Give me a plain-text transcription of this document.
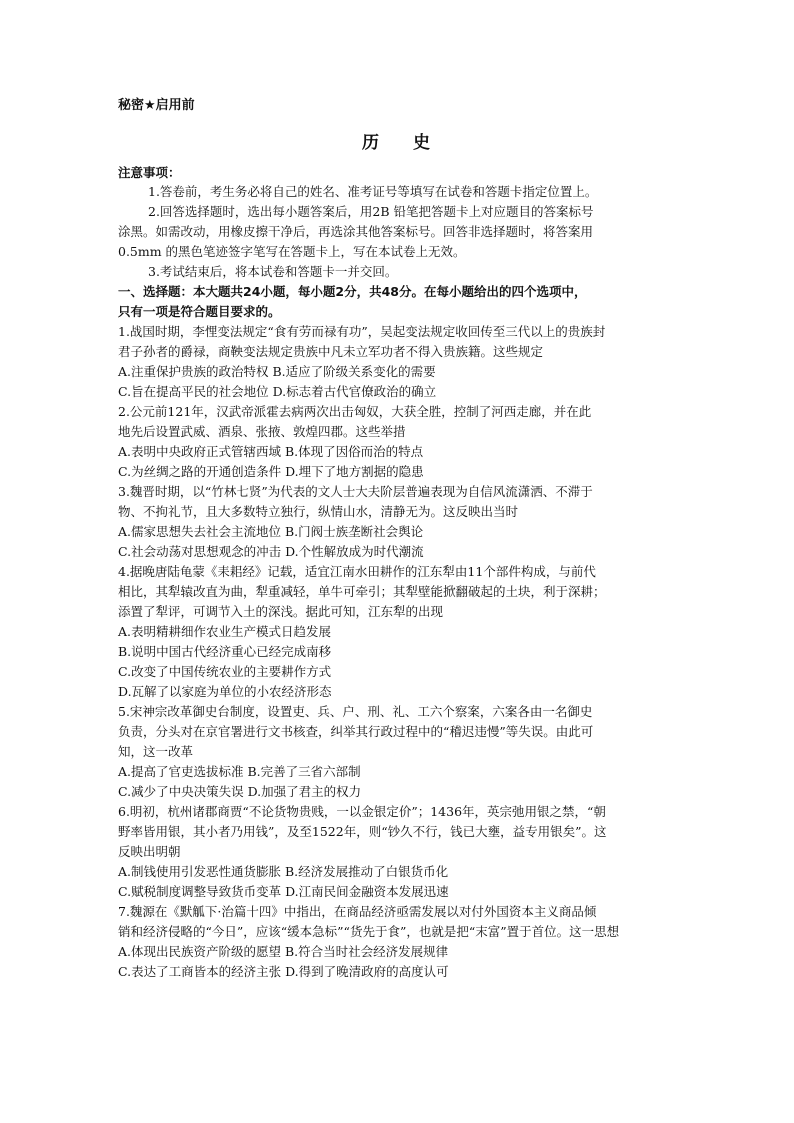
秘密★启用前
历 史
注意事项：
1.答卷前，考生务必将自己的姓名、准考证号等填写在试卷和答题卡指定位置上。
2.回答选择题时，选出每小题答案后，用2B 铅笔把答题卡上对应题目的答案标号
涂黑。如需改动，用橡皮擦干净后，再选涂其他答案标号。回答非选择题时，将答案用
0.5mm 的黑色笔迹签字笔写在答题卡上，写在本试卷上无效。
3.考试结束后，将本试卷和答题卡一并交回。
一、选择题：本大题共24小题，每小题2分，共48分。在每小题给出的四个选项中，
只有一项是符合题目要求的。
1.战国时期，李悝变法规定“食有劳而禄有功”，吴起变法规定收回传至三代以上的贵族封
君子孙者的爵禄，商鞅变法规定贵族中凡未立军功者不得入贵族籍。这些规定
A.注重保护贵族的政治特权 B.适应了阶级关系变化的需要
C.旨在提高平民的社会地位 D.标志着古代官僚政治的确立
2.公元前121年，汉武帝派霍去病两次出击匈奴，大获全胜，控制了河西走廊，并在此
地先后设置武威、酒泉、张掖、敦煌四郡。这些举措
A.表明中央政府正式管辖西域 B.体现了因俗而治的特点
C.为丝绸之路的开通创造条件 D.埋下了地方割据的隐患
3.魏晋时期，以“竹林七贤”为代表的文人士大夫阶层普遍表现为自信风流潇洒、不滞于
物、不拘礼节，且大多数特立独行，纵情山水，清静无为。这反映出当时
A.儒家思想失去社会主流地位 B.门阀士族垄断社会舆论
C.社会动荡对思想观念的冲击 D.个性解放成为时代潮流
4.据晚唐陆龟蒙《耒耜经》记载，适宜江南水田耕作的江东犁由11个部件构成，与前代
相比，其犁辕改直为曲，犁重减轻，单牛可牵引；其犁壁能掀翻破起的土块，利于深耕；
添置了犁评，可调节入土的深浅。据此可知，江东犁的出现
A.表明精耕细作农业生产模式日趋发展
B.说明中国古代经济重心已经完成南移
C.改变了中国传统农业的主要耕作方式
D.瓦解了以家庭为单位的小农经济形态
5.宋神宗改革御史台制度，设置吏、兵、户、刑、礼、工六个察案，六案各由一名御史
负责，分头对在京官署进行文书核查，纠举其行政过程中的“稽迟违慢”等失误。由此可
知，这一改革
A.提高了官吏选拔标准 B.完善了三省六部制
C.减少了中央决策失误 D.加强了君主的权力
6.明初，杭州诸郡商贾“不论货物贵贱，一以金银定价”；1436年，英宗弛用银之禁，“朝
野率皆用银，其小者乃用钱”，及至1522年，则“钞久不行，钱已大壅，益专用银矣”。这
反映出明朝
A.制钱使用引发恶性通货膨胀 B.经济发展推动了白银货币化
C.赋税制度调整导致货币变革 D.江南民间金融资本发展迅速
7.魏源在《默觚下·治篇十四》中指出，在商品经济亟需发展以对付外国资本主义商品倾
销和经济侵略的“今日”，应该“缓本急标”“货先于食”，也就是把“末富”置于首位。这一思想
A.体现出民族资产阶级的愿望 B.符合当时社会经济发展规律
C.表达了工商皆本的经济主张 D.得到了晚清政府的高度认可
